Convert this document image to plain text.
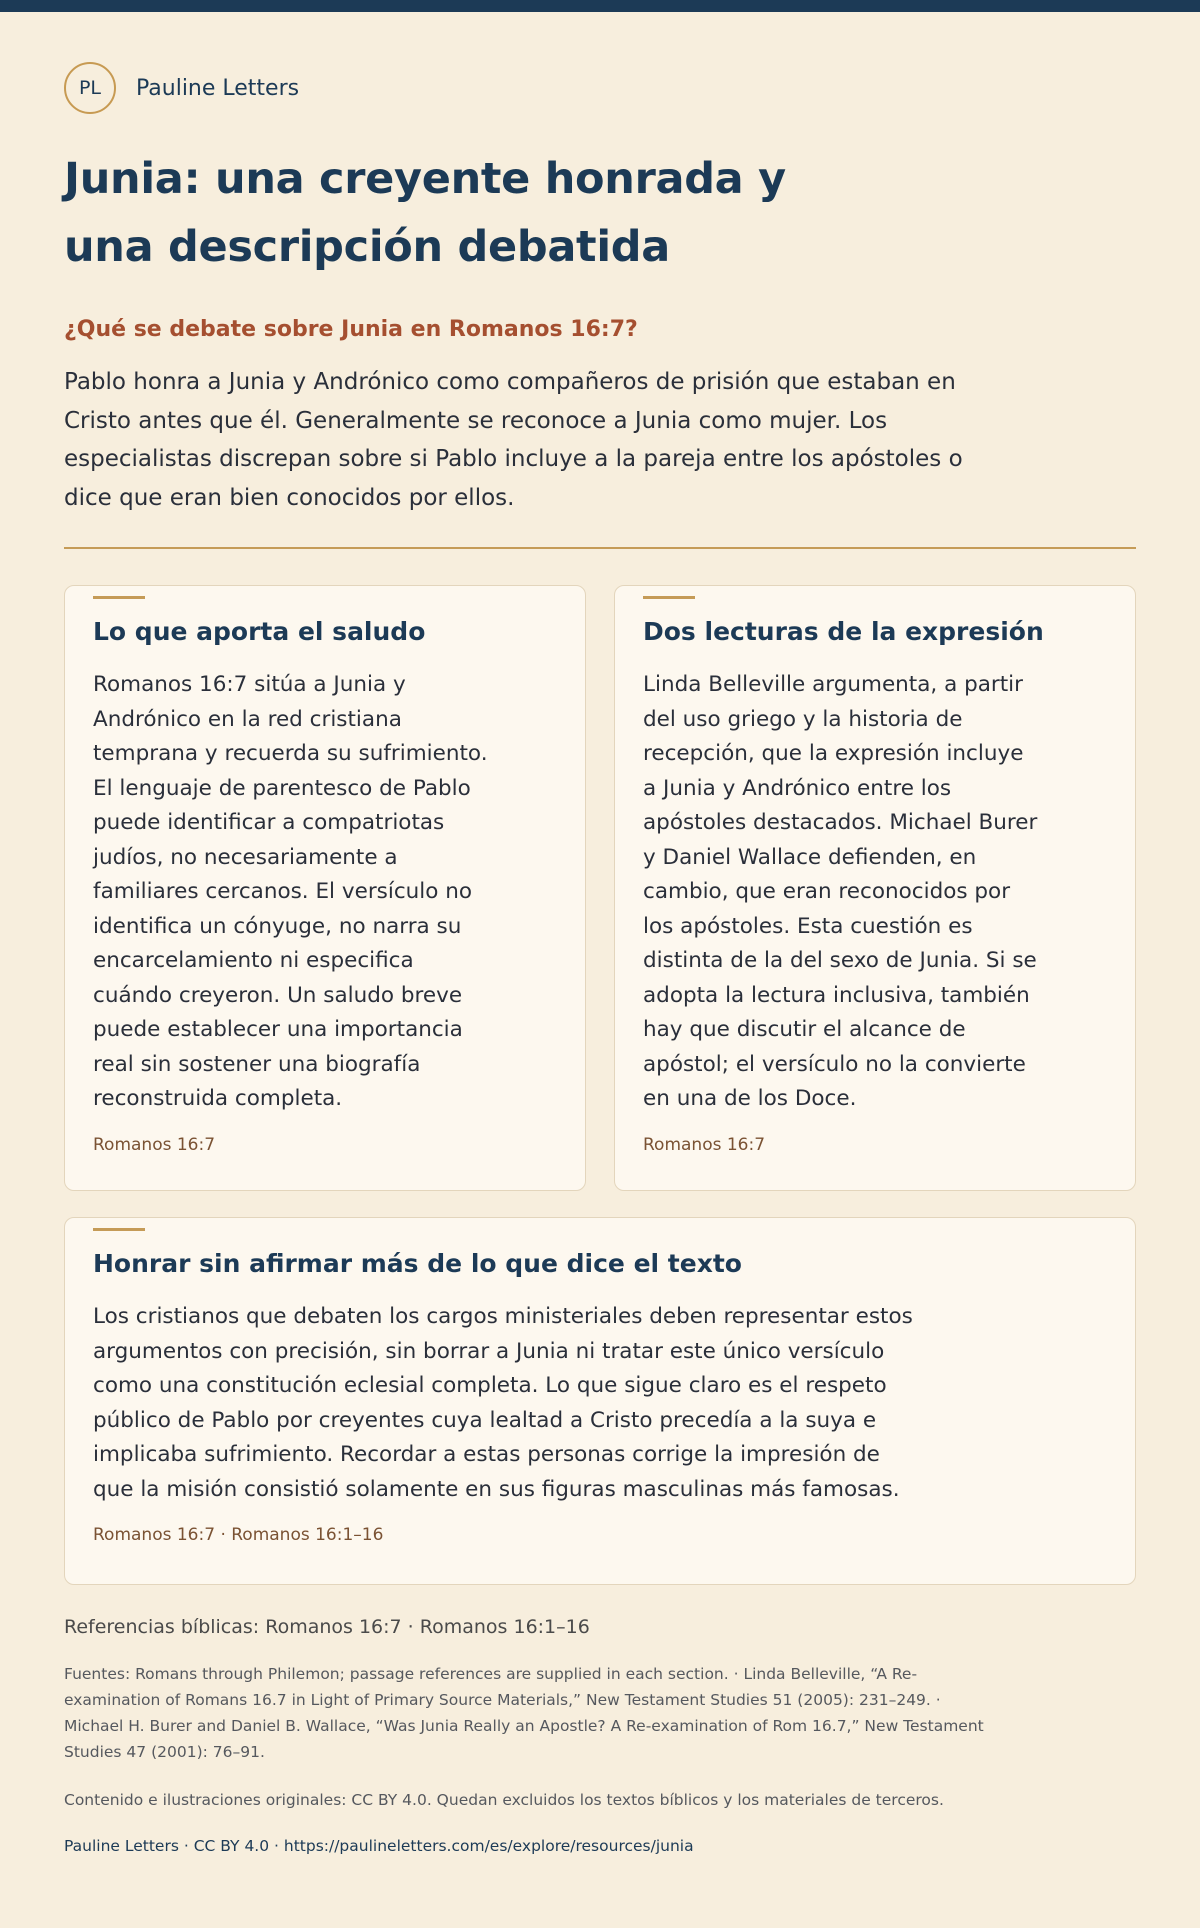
PL Pauline Letters
Junia: una creyente honrada y una descripción debatida
¿Qué se debate sobre Junia en Romanos 16:7?

Pablo honra a Junia y Andrónico como compañeros de prisión que estaban en Cristo antes que él. Generalmente se reconoce a Junia como mujer. Los especialistas discrepan sobre si Pablo incluye a la pareja entre los apóstoles o dice que eran bien conocidos por ellos.

Lo que aporta el saludo

Romanos 16:7 sitúa a Junia y Andrónico en la red cristiana temprana y recuerda su sufrimiento. El lenguaje de parentesco de Pablo puede identificar a compatriotas judíos, no necesariamente a familiares cercanos. El versículo no identifica un cónyuge, no narra su encarcelamiento ni especifica cuándo creyeron. Un saludo breve puede establecer una importancia real sin sostener una biografía reconstruida completa.

Romanos 16:7
Dos lecturas de la expresión

Linda Belleville argumenta, a partir del uso griego y la historia de recepción, que la expresión incluye a Junia y Andrónico entre los apóstoles destacados. Michael Burer y Daniel Wallace defienden, en cambio, que eran reconocidos por los apóstoles. Esta cuestión es distinta de la del sexo de Junia. Si se adopta la lectura inclusiva, también hay que discutir el alcance de apóstol; el versículo no la convierte en una de los Doce.

Romanos 16:7
Honrar sin afirmar más de lo que dice el texto

Los cristianos que debaten los cargos ministeriales deben representar estos argumentos con precisión, sin borrar a Junia ni tratar este único versículo como una constitución eclesial completa. Lo que sigue claro es el respeto público de Pablo por creyentes cuya lealtad a Cristo precedía a la suya e implicaba sufrimiento. Recordar a estas personas corrige la impresión de que la misión consistió solamente en sus figuras masculinas más famosas.

Romanos 16:7 · Romanos 16:1–16
Referencias bíblicas: Romanos 16:7 · Romanos 16:1–16

Fuentes: Romans through Philemon; passage references are supplied in each section. · Linda Belleville, “A Re-examination of Romans 16.7 in Light of Primary Source Materials,” New Testament Studies 51 (2005): 231–249. · Michael H. Burer and Daniel B. Wallace, “Was Junia Really an Apostle? A Re-examination of Rom 16.7,” New Testament Studies 47 (2001): 76–91.

Contenido e ilustraciones originales: CC BY 4.0. Quedan excluidos los textos bíblicos y los materiales de terceros.

Pauline Letters · CC BY 4.0 · https://paulineletters.com/es/explore/resources/junia
